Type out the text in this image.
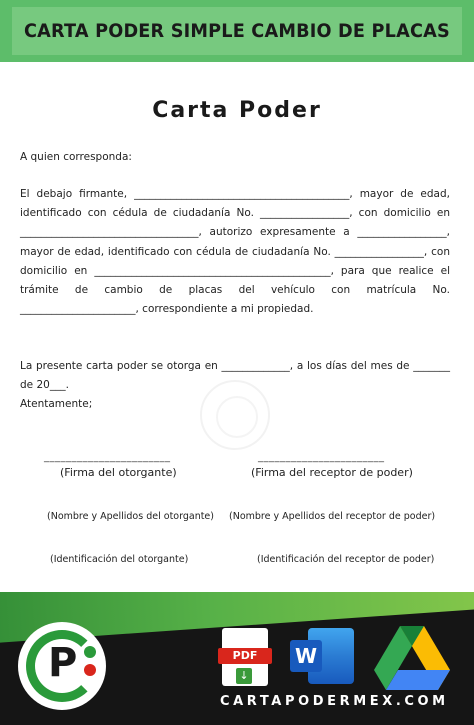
CARTA PODER SIMPLE CAMBIO DE PLACAS
Carta Poder
A quien corresponda:
El debajo firmante, _________________________________________, mayor de edad, identificado con cédula de ciudadanía No. _________________, con domicilio en __________________________________, autorizo expresamente a _________________, mayor de edad, identificado con cédula de ciudadanía No. _________________, con domicilio en _____________________________________________, para que realice el trámite de cambio de placas del vehículo con matrícula No. ______________________, correspondiente a mi propiedad.
La presente carta poder se otorga en _____________, a los días del mes de _______ de 20___.
Atentamente;
_______________________	_______________________
(Firma del otorgante)	(Firma del receptor de poder)
(Nombre y Apellidos del otorgante) (Nombre y Apellidos del receptor de poder)
(Identificación del otorgante)	(Identificación del receptor de poder)
P	PDF
↓
W
CARTAPODERMEX.COM
